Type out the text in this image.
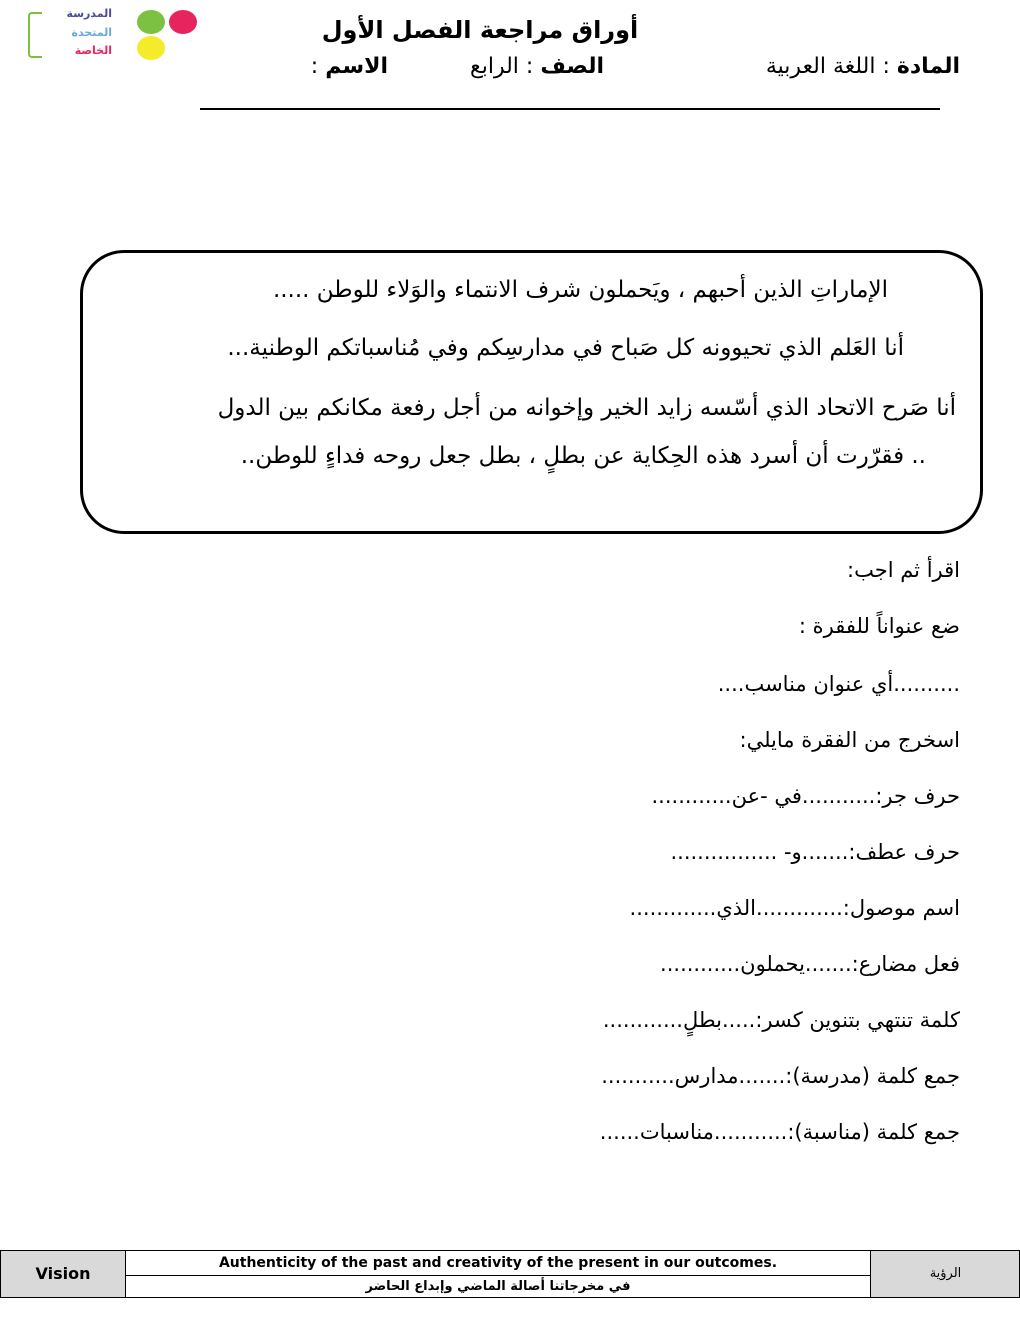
المدرسة
المتحدة
الخاصة
أوراق مراجعة الفصل الأول
المادة : اللغة العربية
الصف : الرابع
الاسم :
الإماراتِ الذين أحبهم ، ويَحملون شرف الانتماء والوَلاء للوطن .....
أنا العَلم الذي تحيوونه كل صَباح في مدارسِكم وفي مُناسباتكم الوطنية...
أنا صَرح الاتحاد الذي أسّسه زايد الخير وإخوانه من أجل رفعة مكانكم بين الدول
.. فقرّرت أن أسرد هذه الحِكاية عن بطلٍ ، بطل جعل روحه فداءٍ للوطن..
اقرأ ثم اجب:
ضع عنواناً للفقرة :
..........أي عنوان مناسب....
اسخرج من الفقرة مايلي:
حرف جر:...........في -عن............
حرف عطف:.......و- ................
اسم موصول:.............الذي.............
فعل مضارع:.......يحملون............
كلمة تنتهي بتنوين كسر:.....بطلٍ............
جمع كلمة (مدرسة):.......مدارس...........
جمع كلمة (مناسبة):...........مناسبات......
Vision
Authenticity of the past and creativity of the present in our outcomes.
في مخرجاتنا أصالة الماضي وإبداع الحاضر
الرؤية
